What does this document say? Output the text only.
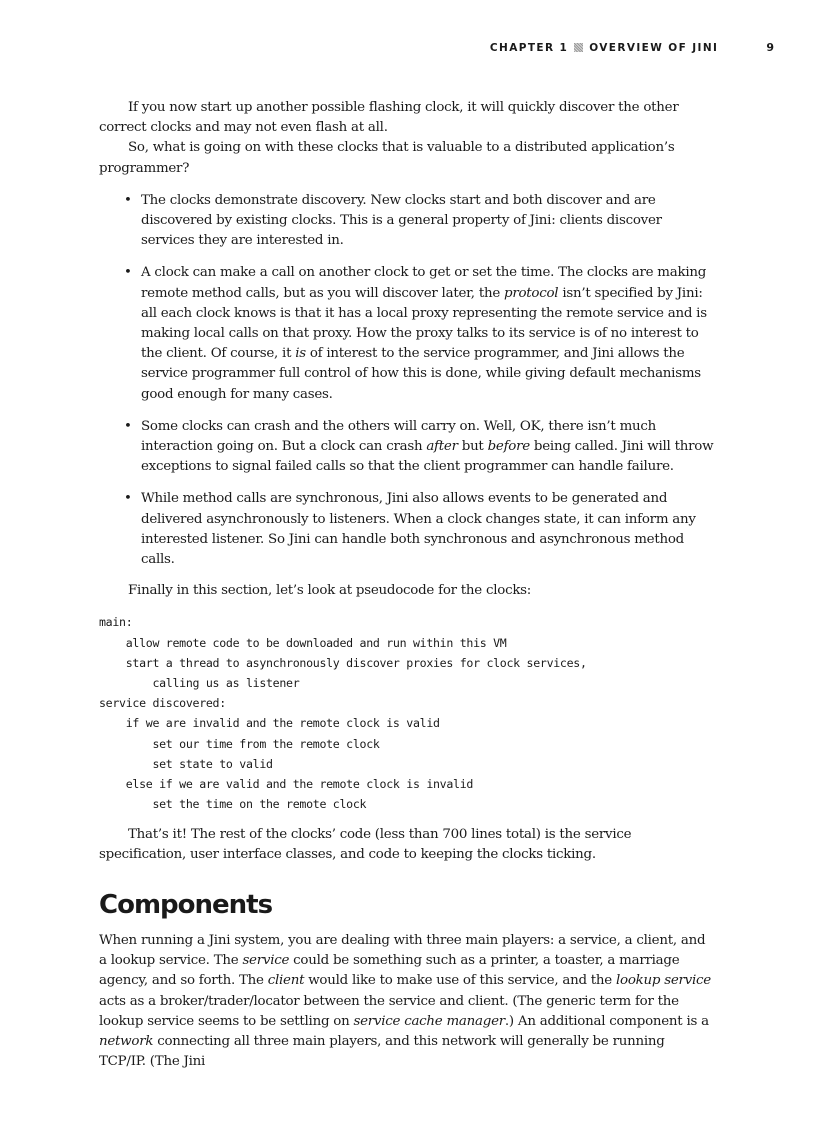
CHAPTER 1 OVERVIEW OF JINI	9

If you now start up another possible flashing clock, it will quickly discover the other correct clocks and may not even flash at all.

So, what is going on with these clocks that is valuable to a distributed application’s programmer?

• The clocks demonstrate discovery. New clocks start and both discover and are discovered by existing clocks. This is a general property of Jini: clients discover services they are interested in.
• A clock can make a call on another clock to get or set the time. The clocks are making remote method calls, but as you will discover later, the protocol isn’t specified by Jini: all each clock knows is that it has a local proxy representing the remote service and is making local calls on that proxy. How the proxy talks to its service is of no interest to the client. Of course, it is of interest to the service programmer, and Jini allows the service programmer full control of how this is done, while giving default mechanisms good enough for many cases.
• Some clocks can crash and the others will carry on. Well, OK, there isn’t much interaction going on. But a clock can crash after but before being called. Jini will throw exceptions to signal failed calls so that the client programmer can handle failure.
• While method calls are synchronous, Jini also allows events to be generated and delivered asynchronously to listeners. When a clock changes state, it can inform any interested listener. So Jini can handle both synchronous and asynchronous method calls.

Finally in this section, let’s look at pseudocode for the clocks:

main:
allow remote code to be downloaded and run within this VM
start a thread to asynchronously discover proxies for clock services,
calling us as listener
service discovered:
if we are invalid and the remote clock is valid
set our time from the remote clock
set state to valid
else if we are valid and the remote clock is invalid
set the time on the remote clock

That’s it! The rest of the clocks’ code (less than 700 lines total) is the service specification, user interface classes, and code to keeping the clocks ticking.

Components

When running a Jini system, you are dealing with three main players: a service, a client, and a lookup service. The service could be something such as a printer, a toaster, a marriage agency, and so forth. The client would like to make use of this service, and the lookup service acts as a broker/trader/locator between the service and client. (The generic term for the lookup service seems to be settling on service cache manager.) An additional component is a network connecting all three main players, and this network will generally be running TCP/IP. (The Jini
